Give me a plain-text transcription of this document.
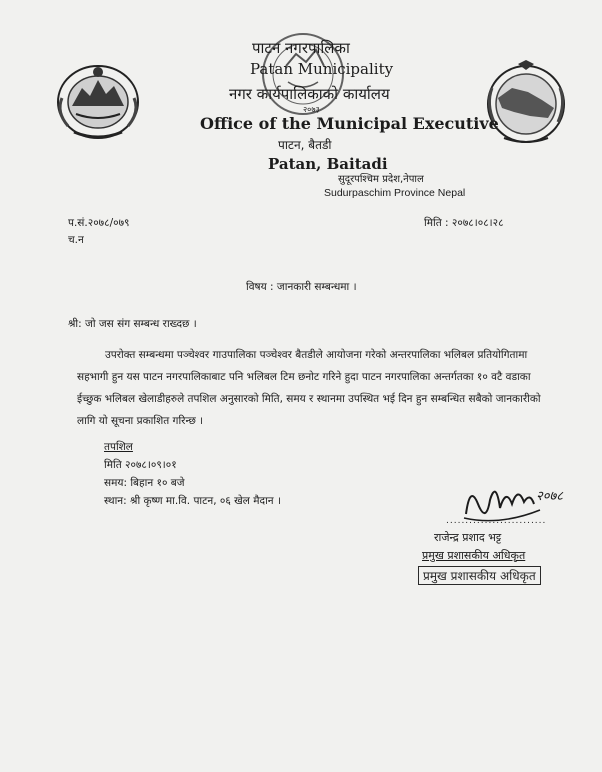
पाटन नगरपालिका
Patan Municipality
नगर कार्यपालिकाको कार्यालय
२०७३
Office of the Municipal Executive
पाटन, बैतडी
Patan, Baitadi
सुदूरपश्चिम प्रदेश,नेपाल
Sudurpaschim Province Nepal
प.सं.२०७८/०७९
च.न
मिति : २०७८।०८।२८
विषय : जानकारी सम्बन्धमा ।
श्री: जो जस संग सम्बन्ध राख्दछ ।
उपरोक्त सम्बन्धमा पञ्चेश्वर गाउपालिका पञ्चेश्वर बैतडीले आयोजना गरेको अन्तरपालिका भलिबल प्रतियोगितामा सहभागी हुन यस पाटन नगरपालिकाबाट पनि भलिबल टिम छनोट गरिने हुदा पाटन नगरपालिका अन्तर्गतका १० वटै वडाका ईच्छुक भलिबल खेलाडीहरुले तपशिल अनुसारको मिति, समय र स्थानमा उपस्थित भई दिन हुन सम्बन्धित सबैको जानकारीको लागि यो सूचना प्रकाशित गरिन्छ ।
तपशिल
मिति २०७८।०९।०१
समय: बिहान १० बजे
स्थान: श्री कृष्ण मा.वि. पाटन, ०६ खेल मैदान ।	२०७८
..........................
राजेन्द्र प्रशाद भट्ट
प्रमुख प्रशासकीय अधिकृत
प्रमुख प्रशासकीय अधिकृत
